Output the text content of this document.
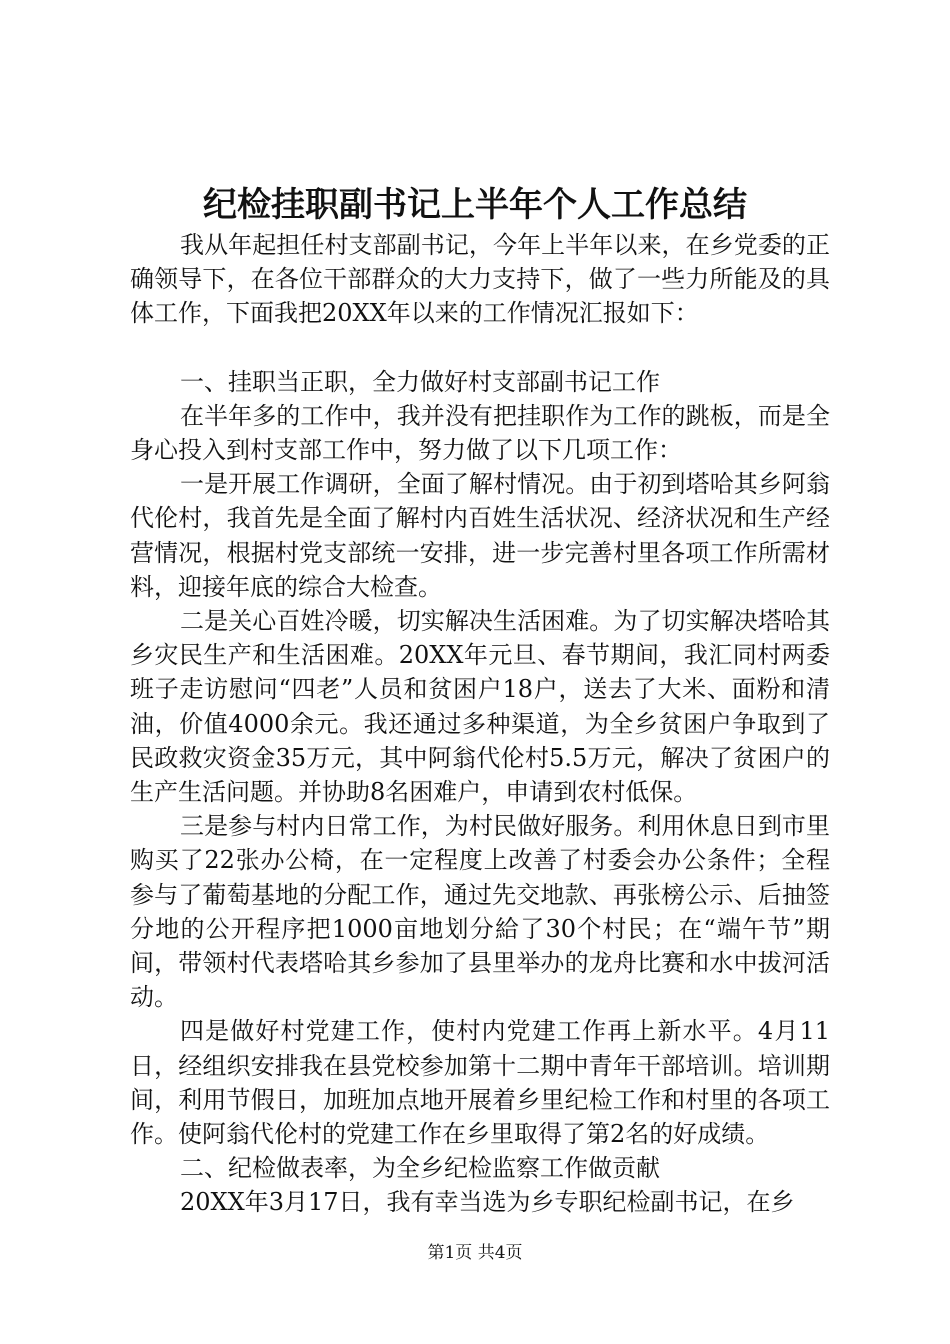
纪检挂职副书记上半年个人工作总结

我从年起担任村支部副书记，今年上半年以来，在乡党委的正确领导下，在各位干部群众的大力支持下，做了一些力所能及的具体工作，下面我把20XX年以来的工作情况汇报如下：

一、挂职当正职，全力做好村支部副书记工作

在半年多的工作中，我并没有把挂职作为工作的跳板，而是全身心投入到村支部工作中，努力做了以下几项工作：

一是开展工作调研，全面了解村情况。由于初到塔哈其乡阿翁代伦村，我首先是全面了解村内百姓生活状况、经济状况和生产经营情况，根据村党支部统一安排，进一步完善村里各项工作所需材料，迎接年底的综合大检查。

二是关心百姓冷暖，切实解决生活困难。为了切实解决塔哈其乡灾民生产和生活困难。20XX年元旦、春节期间，我汇同村两委班子走访慰问“四老”人员和贫困户18户，送去了大米、面粉和清油，价值4000余元。我还通过多种渠道，为全乡贫困户争取到了民政救灾资金35万元，其中阿翁代伦村5.5万元，解决了贫困户的生产生活问题。并协助8名困难户，申请到农村低保。

三是参与村内日常工作，为村民做好服务。利用休息日到市里购买了22张办公椅，在一定程度上改善了村委会办公条件；全程参与了葡萄基地的分配工作，通过先交地款、再张榜公示、后抽签分地的公开程序把1000亩地划分給了30个村民；在“端午节”期间，带领村代表塔哈其乡参加了县里举办的龙舟比赛和水中拔河活动。

四是做好村党建工作，使村内党建工作再上新水平。4月11日，经组织安排我在县党校参加第十二期中青年干部培训。培训期间，利用节假日，加班加点地开展着乡里纪检工作和村里的各项工作。使阿翁代伦村的党建工作在乡里取得了第2名的好成绩。

二、纪检做表率，为全乡纪检监察工作做贡献

20XX年3月17日，我有幸当选为乡专职纪检副书记，在乡

第1页 共4页
